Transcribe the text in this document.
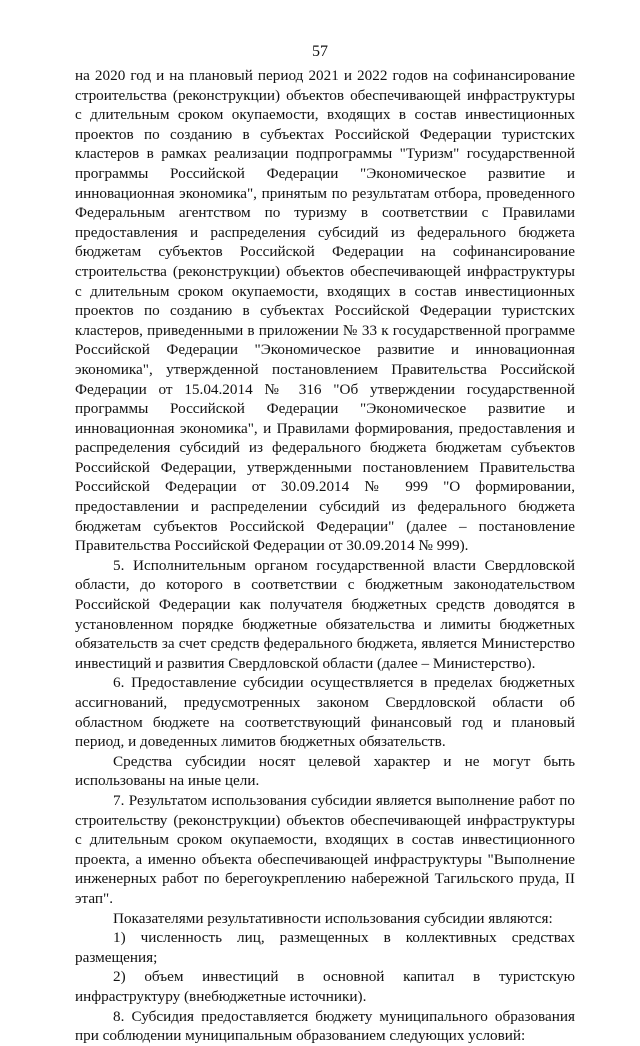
57

на 2020 год и на плановый период 2021 и 2022 годов на софинансирование строительства (реконструкции) объектов обеспечивающей инфраструктуры с длительным сроком окупаемости, входящих в состав инвестиционных проектов по созданию в субъектах Российской Федерации туристских кластеров в рамках реализации подпрограммы "Туризм" государственной программы Российской Федерации "Экономическое развитие и инновационная экономика", принятым по результатам отбора, проведенного Федеральным агентством по туризму в соответствии с Правилами предоставления и распределения субсидий из федерального бюджета бюджетам субъектов Российской Федерации на софинансирование строительства (реконструкции) объектов обеспечивающей инфраструктуры с длительным сроком окупаемости, входящих в состав инвестиционных проектов по созданию в субъектах Российской Федерации туристских кластеров, приведенными в приложении № 33 к государственной программе Российской Федерации "Экономическое развитие и инновационная экономика", утвержденной постановлением Правительства Российской Федерации от 15.04.2014 № 316 "Об утверждении государственной программы Российской Федерации "Экономическое развитие и инновационная экономика", и Правилами формирования, предоставления и распределения субсидий из федерального бюджета бюджетам субъектов Российской Федерации, утвержденными постановлением Правительства Российской Федерации от 30.09.2014 № 999 "О формировании, предоставлении и распределении субсидий из федерального бюджета бюджетам субъектов Российской Федерации" (далее – постановление Правительства Российской Федерации от 30.09.2014 № 999).

5. Исполнительным органом государственной власти Свердловской области, до которого в соответствии с бюджетным законодательством Российской Федерации как получателя бюджетных средств доводятся в установленном порядке бюджетные обязательства и лимиты бюджетных обязательств за счет средств федерального бюджета, является Министерство инвестиций и развития Свердловской области (далее – Министерство).

6. Предоставление субсидии осуществляется в пределах бюджетных ассигнований, предусмотренных законом Свердловской области об областном бюджете на соответствующий финансовый год и плановый период, и доведенных лимитов бюджетных обязательств.

Средства субсидии носят целевой характер и не могут быть использованы на иные цели.

7. Результатом использования субсидии является выполнение работ по строительству (реконструкции) объектов обеспечивающей инфраструктуры с длительным сроком окупаемости, входящих в состав инвестиционного проекта, а именно объекта обеспечивающей инфраструктуры "Выполнение инженерных работ по берегоукреплению набережной Тагильского пруда, II этап".

Показателями результативности использования субсидии являются:

1) численность лиц, размещенных в коллективных средствах размещения;

2) объем инвестиций в основной капитал в туристскую инфраструктуру (внебюджетные источники).

8. Субсидия предоставляется бюджету муниципального образования при соблюдении муниципальным образованием следующих условий:
